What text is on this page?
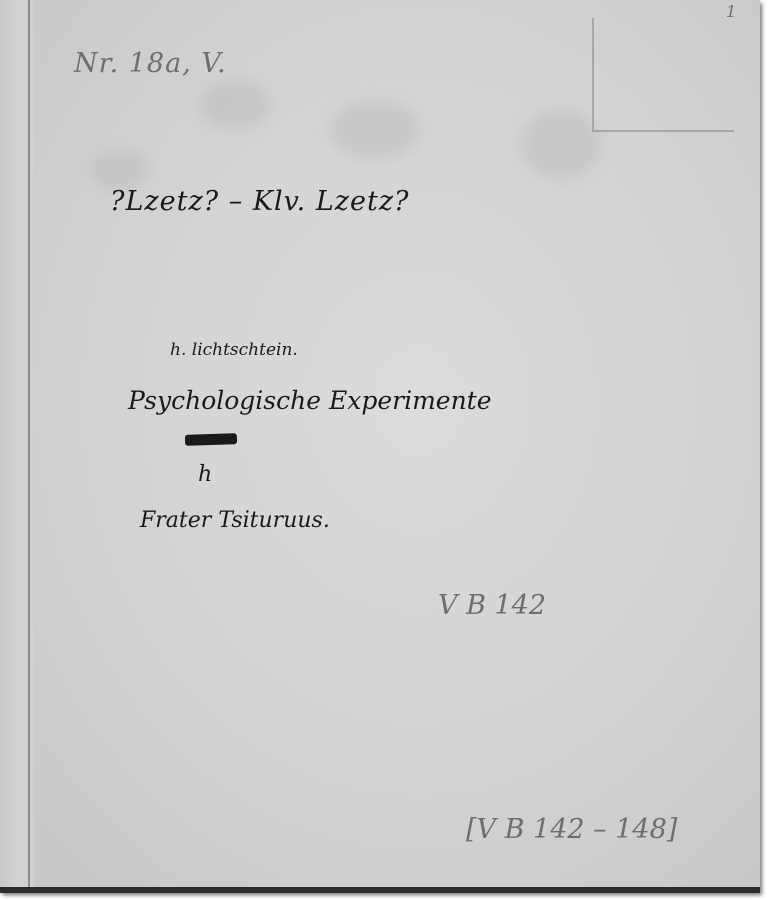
1
Nr. 18a, V.
?Lzetz? – Klv. Lzetz?
h. lichtschtein.
Psychologische Experimente
h
Frater Tsituruus.
V B 142
[V B 142 – 148]
